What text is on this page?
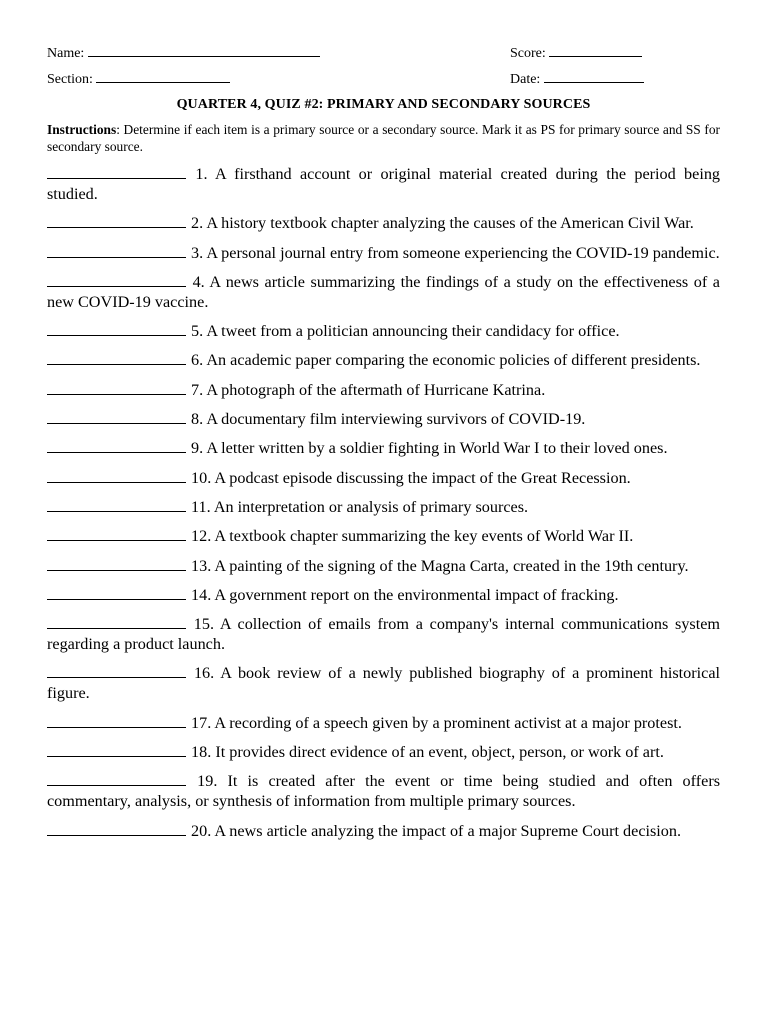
Name:	Score:
Section:	Date:
QUARTER 4, QUIZ #2: PRIMARY AND SECONDARY SOURCES
Instructions: Determine if each item is a primary source or a secondary source. Mark it as PS for primary source and SS for secondary source.
1. A firsthand account or original material created during the period being studied.
2. A history textbook chapter analyzing the causes of the American Civil War.
3. A personal journal entry from someone experiencing the COVID-19 pandemic.
4. A news article summarizing the findings of a study on the effectiveness of a new COVID-19 vaccine.
5. A tweet from a politician announcing their candidacy for office.
6. An academic paper comparing the economic policies of different presidents.
7. A photograph of the aftermath of Hurricane Katrina.
8. A documentary film interviewing survivors of COVID-19.
9. A letter written by a soldier fighting in World War I to their loved ones.
10. A podcast episode discussing the impact of the Great Recession.
11. An interpretation or analysis of primary sources.
12. A textbook chapter summarizing the key events of World War II.
13. A painting of the signing of the Magna Carta, created in the 19th century.
14. A government report on the environmental impact of fracking.
15. A collection of emails from a company's internal communications system regarding a product launch.
16. A book review of a newly published biography of a prominent historical figure.
17. A recording of a speech given by a prominent activist at a major protest.
18. It provides direct evidence of an event, object, person, or work of art.
19. It is created after the event or time being studied and often offers commentary, analysis, or synthesis of information from multiple primary sources.
20. A news article analyzing the impact of a major Supreme Court decision.
